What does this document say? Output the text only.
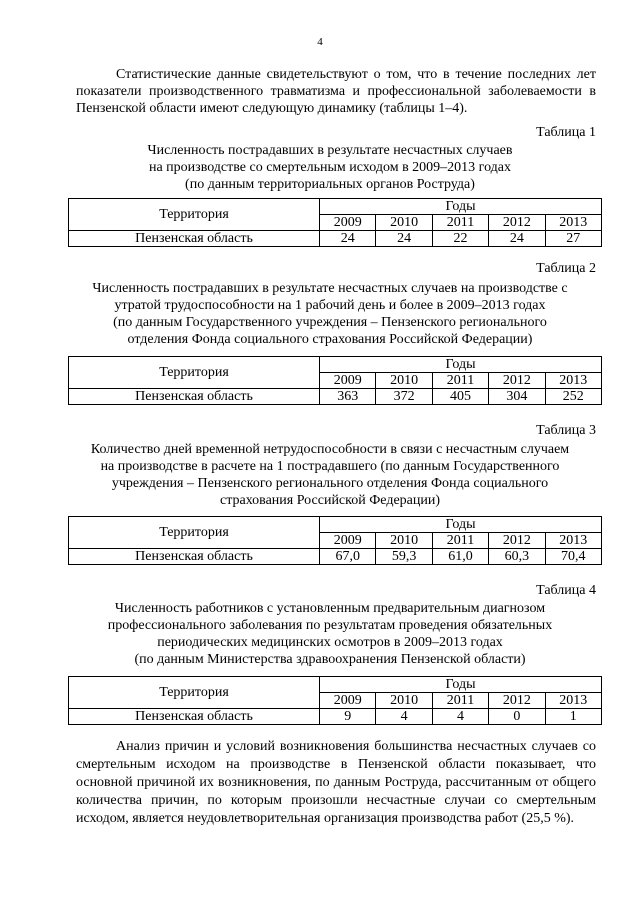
4
Статистические данные свидетельствуют о том, что в течение последних лет показатели производственного травматизма и профессиональной заболеваемости в Пензенской области имеют следующую динамику (таблицы 1–4).
Таблица 1
Численность пострадавших в результате несчастных случаев
на производстве со смертельным исходом в 2009–2013 годах
(по данным территориальных органов Роструда)
Территория	Годы				
	2009	2010	2011	2012	2013
Пензенская область	24	24	22	24	27
Таблица 2
Численность пострадавших в результате несчастных случаев на производстве с
утратой трудоспособности на 1 рабочий день и более в 2009–2013 годах
(по данным Государственного учреждения – Пензенского регионального
отделения Фонда социального страхования Российской Федерации)
Территория	Годы				
	2009	2010	2011	2012	2013
Пензенская область	363	372	405	304	252
Таблица 3
Количество дней временной нетрудоспособности в связи с несчастным случаем
на производстве в расчете на 1 пострадавшего (по данным Государственного
учреждения – Пензенского регионального отделения Фонда социального
страхования Российской Федерации)
Территория	Годы				
	2009	2010	2011	2012	2013
Пензенская область	67,0	59,3	61,0	60,3	70,4
Таблица 4
Численность работников с установленным предварительным диагнозом
профессионального заболевания по результатам проведения обязательных
периодических медицинских осмотров в 2009–2013 годах
(по данным Министерства здравоохранения Пензенской области)
Территория	Годы				
	2009	2010	2011	2012	2013
Пензенская область	9	4	4	0	1
Анализ причин и условий возникновения большинства несчастных случаев со смертельным исходом на производстве в Пензенской области показывает, что основной причиной их возникновения, по данным Роструда, рассчитанным от общего количества причин, по которым произошли несчастные случаи со смертельным исходом, является неудовлетворительная организация производства работ (25,5 %).
